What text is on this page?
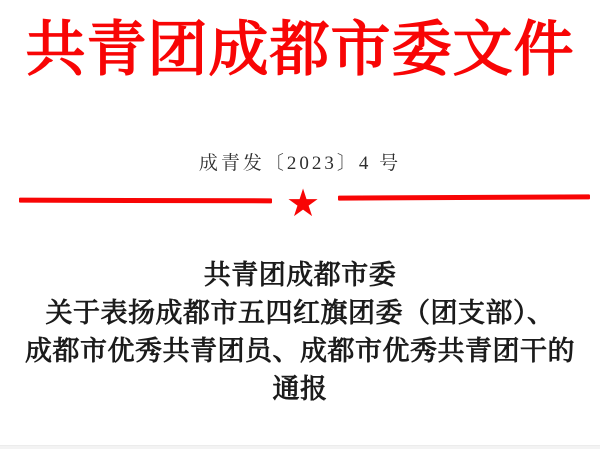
共青团成都市委文件
成青发〔2023〕4 号
★
共青团成都市委
关于表扬成都市五四红旗团委（团支部）、
成都市优秀共青团员、成都市优秀共青团干的
通报
